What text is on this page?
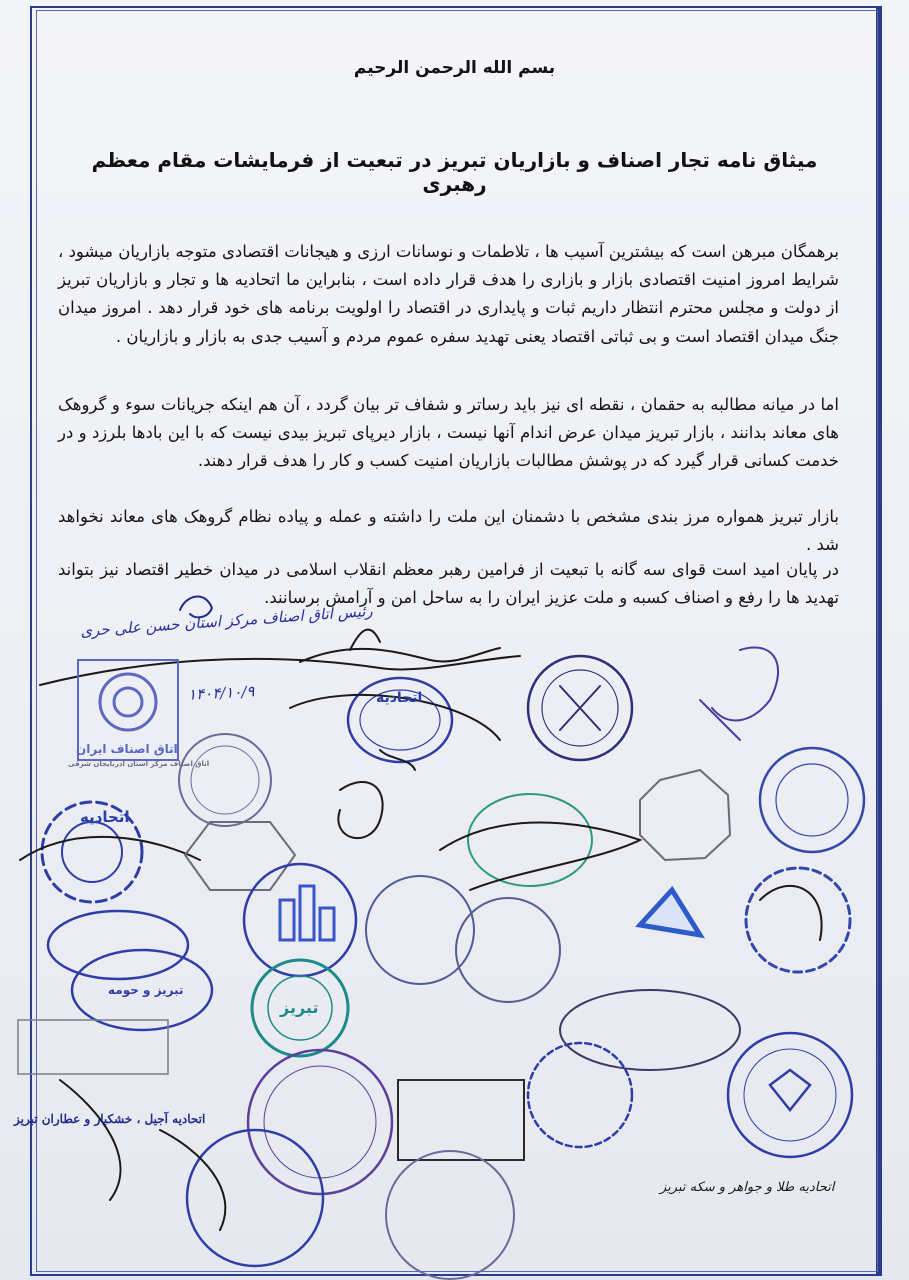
بسم الله الرحمن الرحیم
میثاق نامه تجار اصناف و بازاریان تبریز در تبعیت از فرمایشات مقام معظم رهبری

برهمگان مبرهن است که بیشترین آسیب ها ، تلاطمات و نوسانات ارزی و هیجانات اقتصادی متوجه بازاریان میشود ، شرایط امروز امنیت اقتصادی بازار و بازاری را هدف قرار داده است ، بنابراین ما اتحادیه ها و تجار و بازاریان تبریز از دولت و مجلس محترم انتظار داریم ثبات و پایداری در اقتصاد را اولویت برنامه های خود قرار دهد . امروز میدان جنگ میدان اقتصاد است و بی ثباتی اقتصاد یعنی تهدید سفره عموم مردم و آسیب جدی به بازار و بازاریان .

اما در میانه مطالبه به حقمان ، نقطه ای نیز باید رساتر و شفاف تر بیان گردد ، آن هم اینکه جریانات سوء و گروهک های معاند بدانند ، بازار تبریز میدان عرض اندام آنها نیست ، بازار دیرپای تبریز بیدی نیست که با این بادها بلرزد و در خدمت کسانی قرار گیرد که در پوشش مطالبات بازاریان امنیت کسب و کار را هدف قرار دهند.

بازار تبریز همواره مرز بندی مشخص با دشمنان این ملت را داشته و عمله و پیاده نظام گروهک های معاند نخواهد شد .

در پایان امید است قوای سه گانه با تبعیت از فرامین رهبر معظم انقلاب اسلامی در میدان خطیر اقتصاد نیز بتواند تهدید ها را رفع و اصناف کسبه و ملت عزیز ایران را به ساحل امن و آرامش برسانند.

رئیس اتاق اصناف مرکز استان حسن علی حری
۱۴۰۴/۱۰/۹
اتاق اصناف ایران
اتاق اصناف مرکز استان آذربایجان شرقی
اتحادیه
اتحادیه
تبریز
تبریز و حومه
اتحادیه آجیل ، خشکبار و عطاران تبریز
اتحادیه طلا و جواهر و سکه تبریز
